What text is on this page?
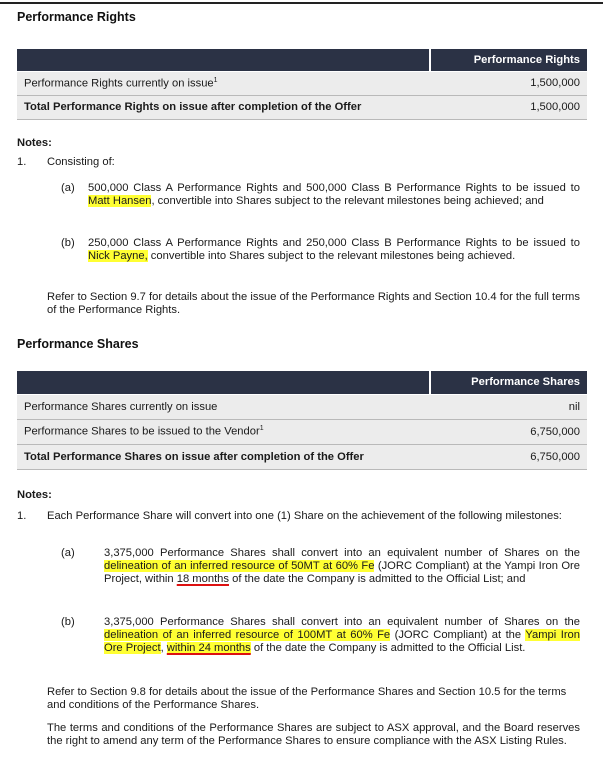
Performance Rights
	Performance Rights
Performance Rights currently on issue$^1$	1,500,000
Total Performance Rights on issue after completion of the Offer	1,500,000
Notes:
1. Consisting of:
(a) 500,000 Class A Performance Rights and 500,000 Class B Performance Rights to be issued to Matt Hansen, convertible into Shares subject to the relevant milestones being achieved; and
(b) 250,000 Class A Performance Rights and 250,000 Class B Performance Rights to be issued to Nick Payne, convertible into Shares subject to the relevant milestones being achieved.
Refer to Section 9.7 for details about the issue of the Performance Rights and Section 10.4 for the full terms of the Performance Rights.
Performance Shares
	Performance Shares
Performance Shares currently on issue	nil
Performance Shares to be issued to the Vendor$^1$	6,750,000
Total Performance Shares on issue after completion of the Offer	6,750,000
Notes:
1. Each Performance Share will convert into one (1) Share on the achievement of the following milestones:
(a)	3,375,000 Performance Shares shall convert into an equivalent number of Shares on the delineation of an inferred resource of 50MT at 60% Fe (JORC Compliant) at the Yampi Iron Ore Project, within 18 months of the date the Company is admitted to the Official List; and
(b)	3,375,000 Performance Shares shall convert into an equivalent number of Shares on the delineation of an inferred resource of 100MT at 60% Fe (JORC Compliant) at the Yampi Iron Ore Project, within 24 months of the date the Company is admitted to the Official List.
Refer to Section 9.8 for details about the issue of the Performance Shares and Section 10.5 for the terms and conditions of the Performance Shares.
The terms and conditions of the Performance Shares are subject to ASX approval, and the Board reserves the right to amend any term of the Performance Shares to ensure compliance with the ASX Listing Rules.
